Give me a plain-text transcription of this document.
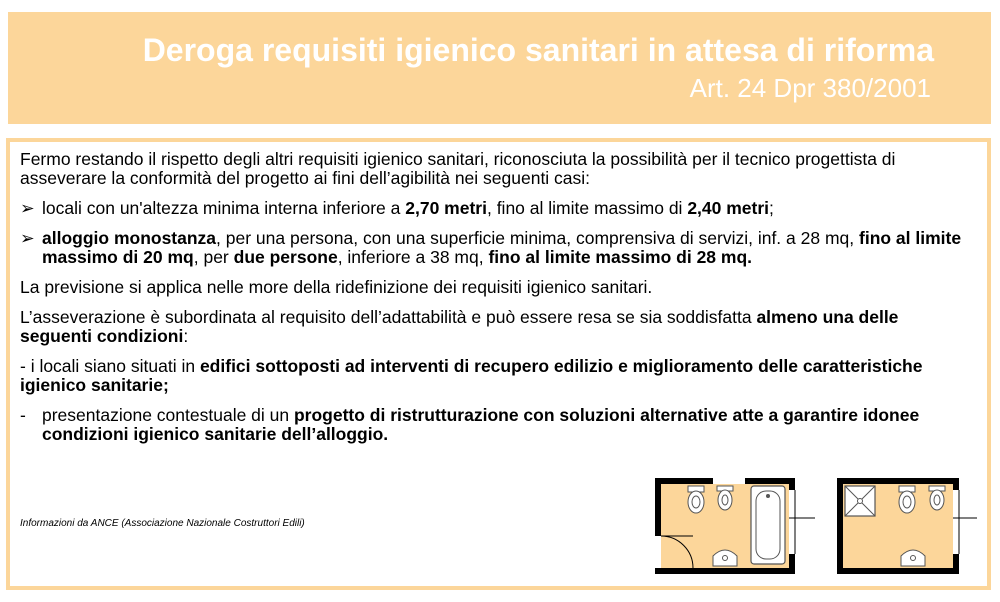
Deroga requisiti igienico sanitari in attesa di riforma
Art. 24 Dpr 380/2001

Fermo restando il rispetto degli altri requisiti igienico sanitari, riconosciuta la possibilità per il tecnico progettista di asseverare la conformità del progetto ai fini dell’agibilità nei seguenti casi:

➢ locali con un'altezza minima interna inferiore a 2,70 metri, fino al limite massimo di 2,40 metri;
➢ alloggio monostanza, per una persona, con una superficie minima, comprensiva di servizi, inf. a 28 mq, fino al limite massimo di 20 mq, per due persone, inferiore a 38 mq, fino al limite massimo di 28 mq.

La previsione si applica nelle more della ridefinizione dei requisiti igienico sanitari.

L’asseverazione è subordinata al requisito dell’adattabilità e può essere resa se sia soddisfatta almeno una delle seguenti condizioni:

- i locali siano situati in edifici sottoposti ad interventi di recupero edilizio e miglioramento delle caratteristiche igienico sanitarie;

- presentazione contestuale di un progetto di ristrutturazione con soluzioni alternative atte a garantire idonee condizioni igienico sanitarie dell’alloggio.
Informazioni da ANCE (Associazione Nazionale Costruttori Edili)
